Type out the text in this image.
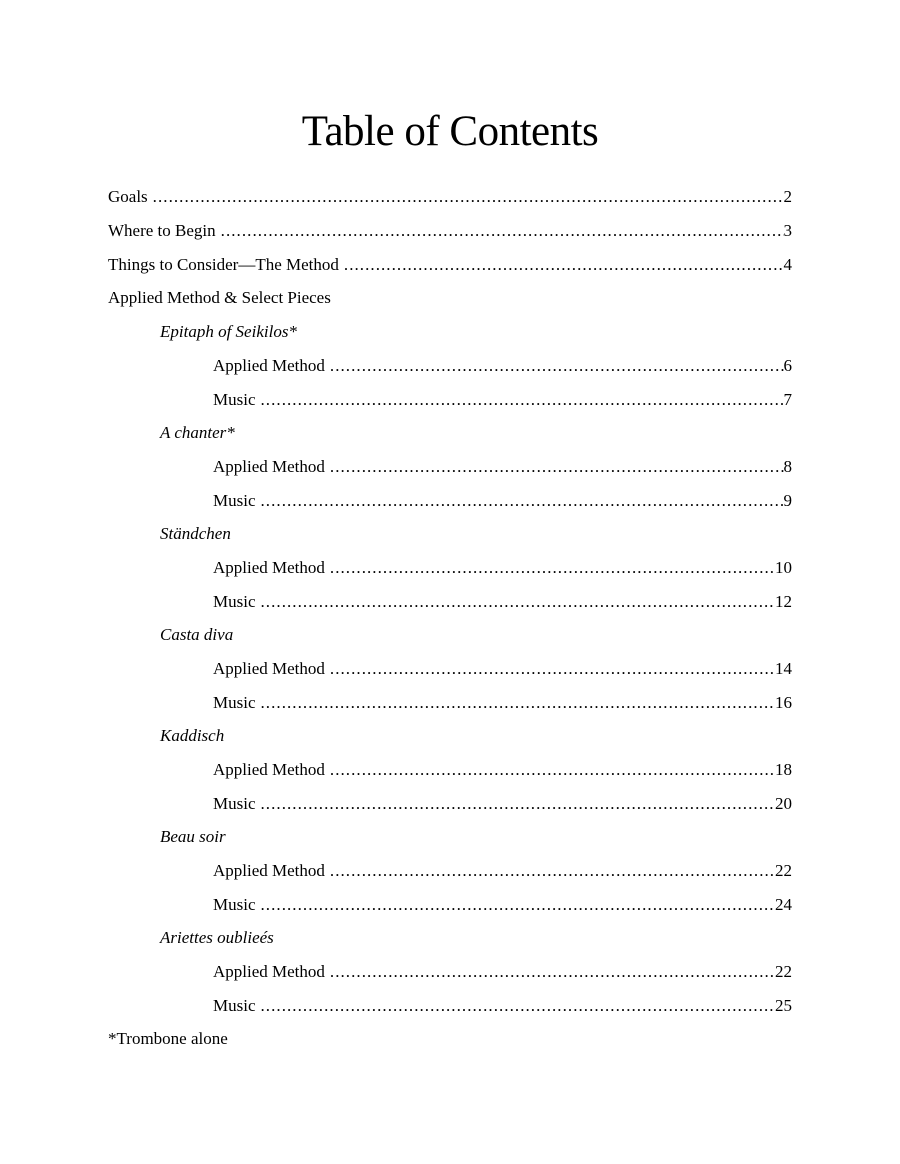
Table of Contents
Goals . . .	2
Where to Begin . . .	3
Things to Consider—The Method . . .	4
Applied Method & Select Pieces
Epitaph of Seikilos*
Applied Method . . .	6
Music . . .	7
A chanter*
Applied Method . . .	8
Music . . .	9
Ständchen
Applied Method . . .	10
Music . . .	12
Casta diva
Applied Method . . .	14
Music . . .	16
Kaddisch
Applied Method . . .	18
Music . . .	20
Beau soir
Applied Method . . .	22
Music . . .	24
Ariettes oublieés
Applied Method . . .	22
Music . . .	25
*Trombone alone
